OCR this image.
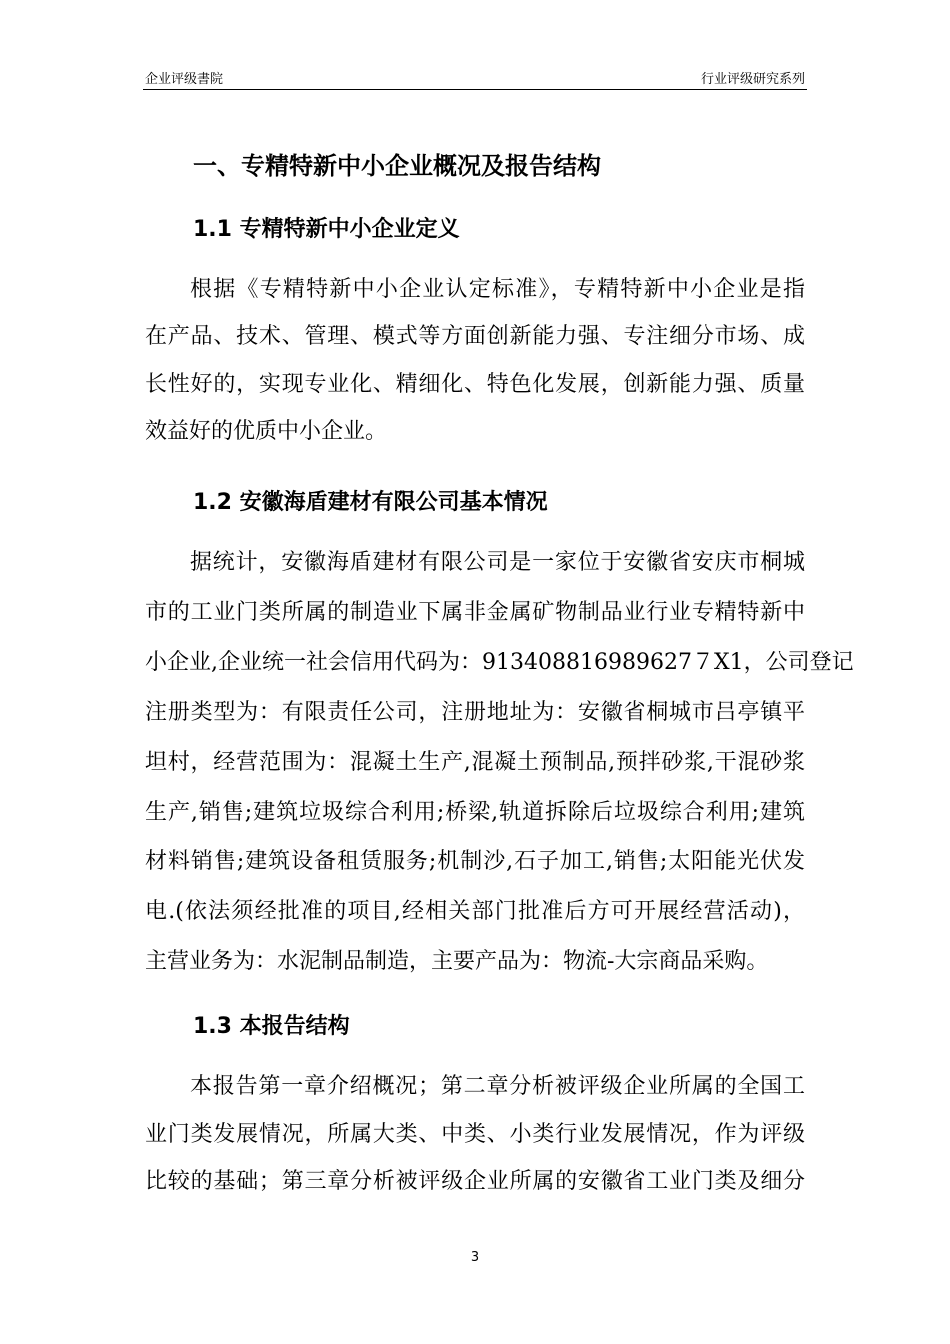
企业评级書院	行业评级研究系列
一、专精特新中小企业概况及报告结构
1.1 专精特新中小企业定义
1.2 安徽海盾建材有限公司基本情况
1.3 本报告结构
根据《专精特新中小企业认定标准》，专精特新中小企业是指
在产品、技术、管理、模式等方面创新能力强、专注细分市场、成
长性好的，实现专业化、精细化、特色化发展，创新能力强、质量
效益好的优质中小企业。
据统计，安徽海盾建材有限公司是一家位于安徽省安庆市桐城
市的工业门类所属的制造业下属非金属矿物制品业行业专精特新中
小企业,企业统一社会信用代码为：913408816989627７X1，公司登记
注册类型为：有限责任公司，注册地址为：安徽省桐城市吕亭镇平
坦村，经营范围为：混凝土生产,混凝土预制品,预拌砂浆,干混砂浆
生产,销售;建筑垃圾综合利用;桥梁,轨道拆除后垃圾综合利用;建筑
材料销售;建筑设备租赁服务;机制沙,石子加工,销售;太阳能光伏发
电.(依法须经批准的项目,经相关部门批准后方可开展经营活动)，
主营业务为：水泥制品制造，主要产品为：物流-大宗商品采购。
本报告第一章介绍概况；第二章分析被评级企业所属的全国工
业门类发展情况，所属大类、中类、小类行业发展情况，作为评级
比较的基础；第三章分析被评级企业所属的安徽省工业门类及细分
3
